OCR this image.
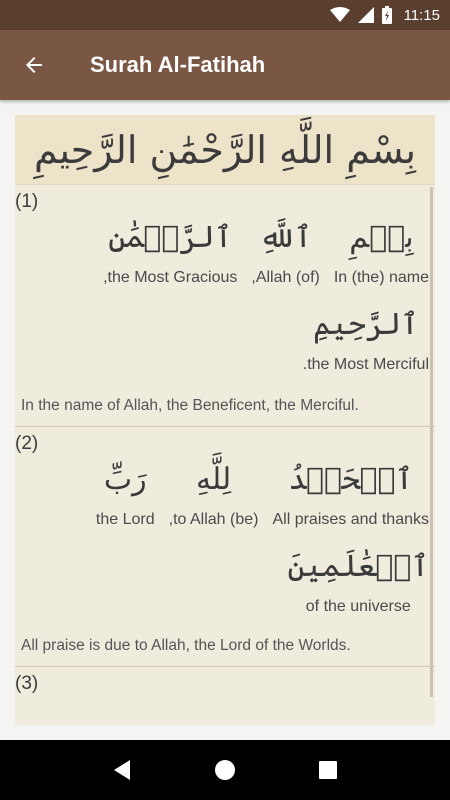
11:15
Surah Al-Fatihah
بِسْمِ اللَّهِ الرَّحْمَٰنِ الرَّحِيمِ
(1)
بِسۡمِ
In (the) name
ٱللَّهِ
(of) Allah,
ٱلرَّحۡمَٰنِ
the Most Gracious,
ٱلرَّحِيمِ
the Most Merciful.
In the name of Allah, the Beneficent, the Merciful.
(2)
ٱلۡحَمۡدُ
All praises and thanks
لِلَّهِ
(be) to Allah,
رَبِّ
the Lord
ٱلۡعَٰلَمِينَ
of the universe
All praise is due to Allah, the Lord of the Worlds.
(3)
